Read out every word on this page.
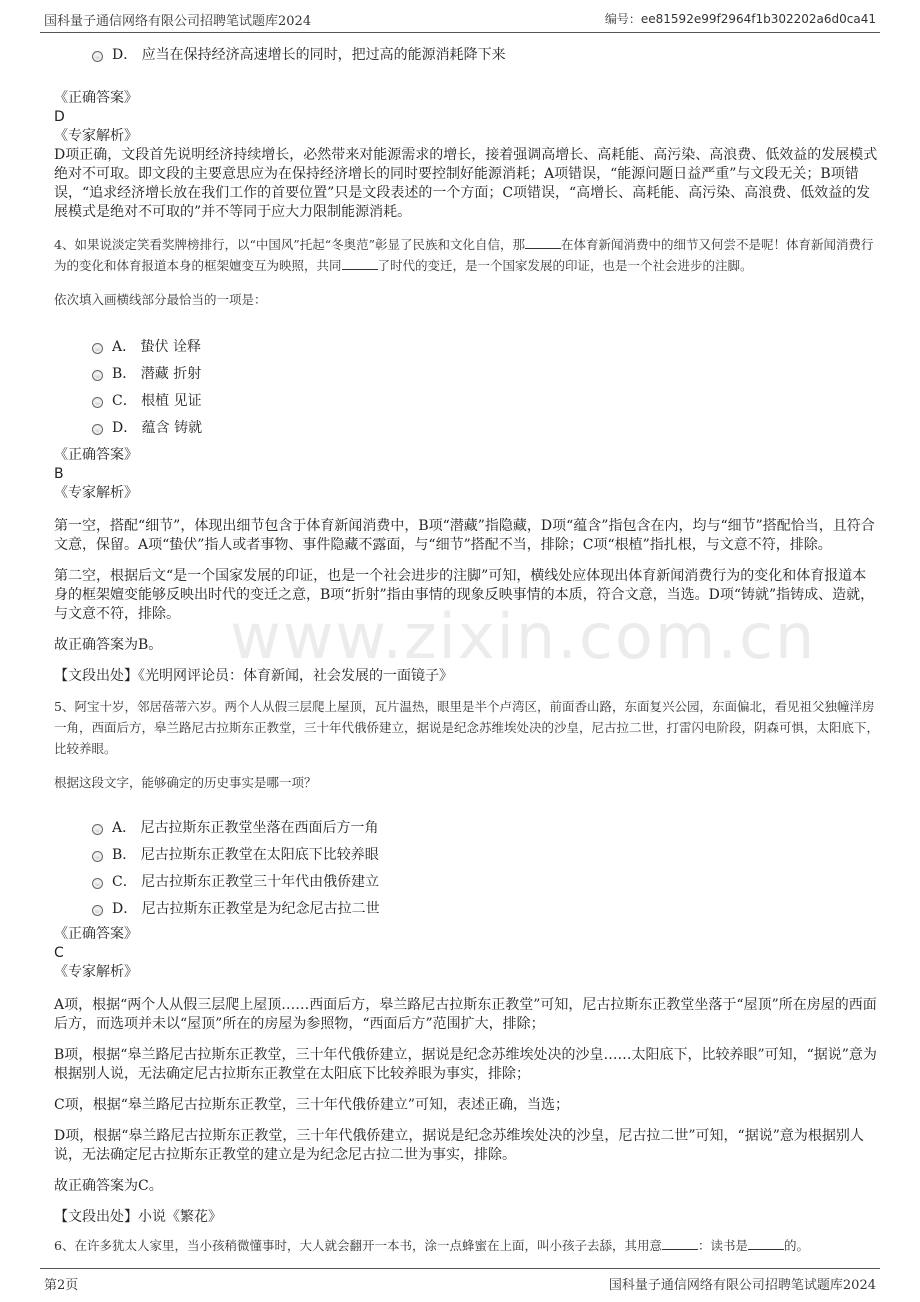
国科量子通信网络有限公司招聘笔试题库2024	编号：ee81592e99f2964f1b302202a6d0ca41
www.zixin.com.cn
D． 应当在保持经济高速增长的同时，把过高的能源消耗降下来

《正确答案》

D

《专家解析》

D项正确，文段首先说明经济持续增长，必然带来对能源需求的增长，接着强调高增长、高耗能、高污染、高浪费、低效益的发展模式绝对不可取。即文段的主要意思应为在保持经济增长的同时要控制好能源消耗；A项错误，“能源问题日益严重”与文段无关；B项错误，“追求经济增长放在我们工作的首要位置”只是文段表述的一个方面；C项错误，“高增长、高耗能、高污染、高浪费、低效益的发展模式是绝对不可取的”并不等同于应大力限制能源消耗。

4、如果说淡定笑看奖牌榜排行，以“中国风”托起“冬奥范”彰显了民族和文化自信，那	在体育新闻消费中的细节又何尝不是呢！体育新闻消费行为的变化和体育报道本身的框架嬗变互为映照，共同	了时代的变迁，是一个国家发展的印证，也是一个社会进步的注脚。

依次填入画横线部分最恰当的一项是：

A． 蛰伏 诠释
B． 潜藏 折射
C． 根植 见证
D． 蕴含 铸就

《正确答案》

B

《专家解析》

第一空，搭配“细节”，体现出细节包含于体育新闻消费中，B项“潜藏”指隐藏，D项“蕴含”指包含在内，均与“细节”搭配恰当，且符合文意，保留。A项“蛰伏”指人或者事物、事件隐藏不露面，与“细节”搭配不当，排除；C项“根植”指扎根，与文意不符，排除。

第二空，根据后文“是一个国家发展的印证，也是一个社会进步的注脚”可知，横线处应体现出体育新闻消费行为的变化和体育报道本身的框架嬗变能够反映出时代的变迁之意，B项“折射”指由事情的现象反映事情的本质，符合文意，当选。D项“铸就”指铸成、造就，与文意不符，排除。

故正确答案为B。

【文段出处】《光明网评论员：体育新闻，社会发展的一面镜子》

5、阿宝十岁，邻居蓓蒂六岁。两个人从假三层爬上屋顶，瓦片温热，眼里是半个卢湾区，前面香山路，东面复兴公园，东面偏北，看见祖父独幢洋房一角，西面后方，皋兰路尼古拉斯东正教堂，三十年代俄侨建立，据说是纪念苏维埃处决的沙皇，尼古拉二世，打雷闪电阶段，阴森可惧，太阳底下，比较养眼。

根据这段文字，能够确定的历史事实是哪一项？

A． 尼古拉斯东正教堂坐落在西面后方一角
B． 尼古拉斯东正教堂在太阳底下比较养眼
C． 尼古拉斯东正教堂三十年代由俄侨建立
D． 尼古拉斯东正教堂是为纪念尼古拉二世

《正确答案》

C

《专家解析》

A项，根据“两个人从假三层爬上屋顶……西面后方，皋兰路尼古拉斯东正教堂”可知，尼古拉斯东正教堂坐落于“屋顶”所在房屋的西面后方，而选项并未以“屋顶”所在的房屋为参照物，“西面后方”范围扩大，排除；

B项，根据“皋兰路尼古拉斯东正教堂，三十年代俄侨建立，据说是纪念苏维埃处决的沙皇……太阳底下，比较养眼”可知，“据说”意为根据别人说，无法确定尼古拉斯东正教堂在太阳底下比较养眼为事实，排除；

C项，根据“皋兰路尼古拉斯东正教堂，三十年代俄侨建立”可知，表述正确，当选；

D项，根据“皋兰路尼古拉斯东正教堂，三十年代俄侨建立，据说是纪念苏维埃处决的沙皇，尼古拉二世”可知，“据说”意为根据别人说，无法确定尼古拉斯东正教堂的建立是为纪念尼古拉二世为事实，排除。

故正确答案为C。

【文段出处】小说《繁花》

6、在许多犹太人家里，当小孩稍微懂事时，大人就会翻开一本书，涂一点蜂蜜在上面，叫小孩子去舔，其用意	：读书是	的。

第2页	国科量子通信网络有限公司招聘笔试题库2024
